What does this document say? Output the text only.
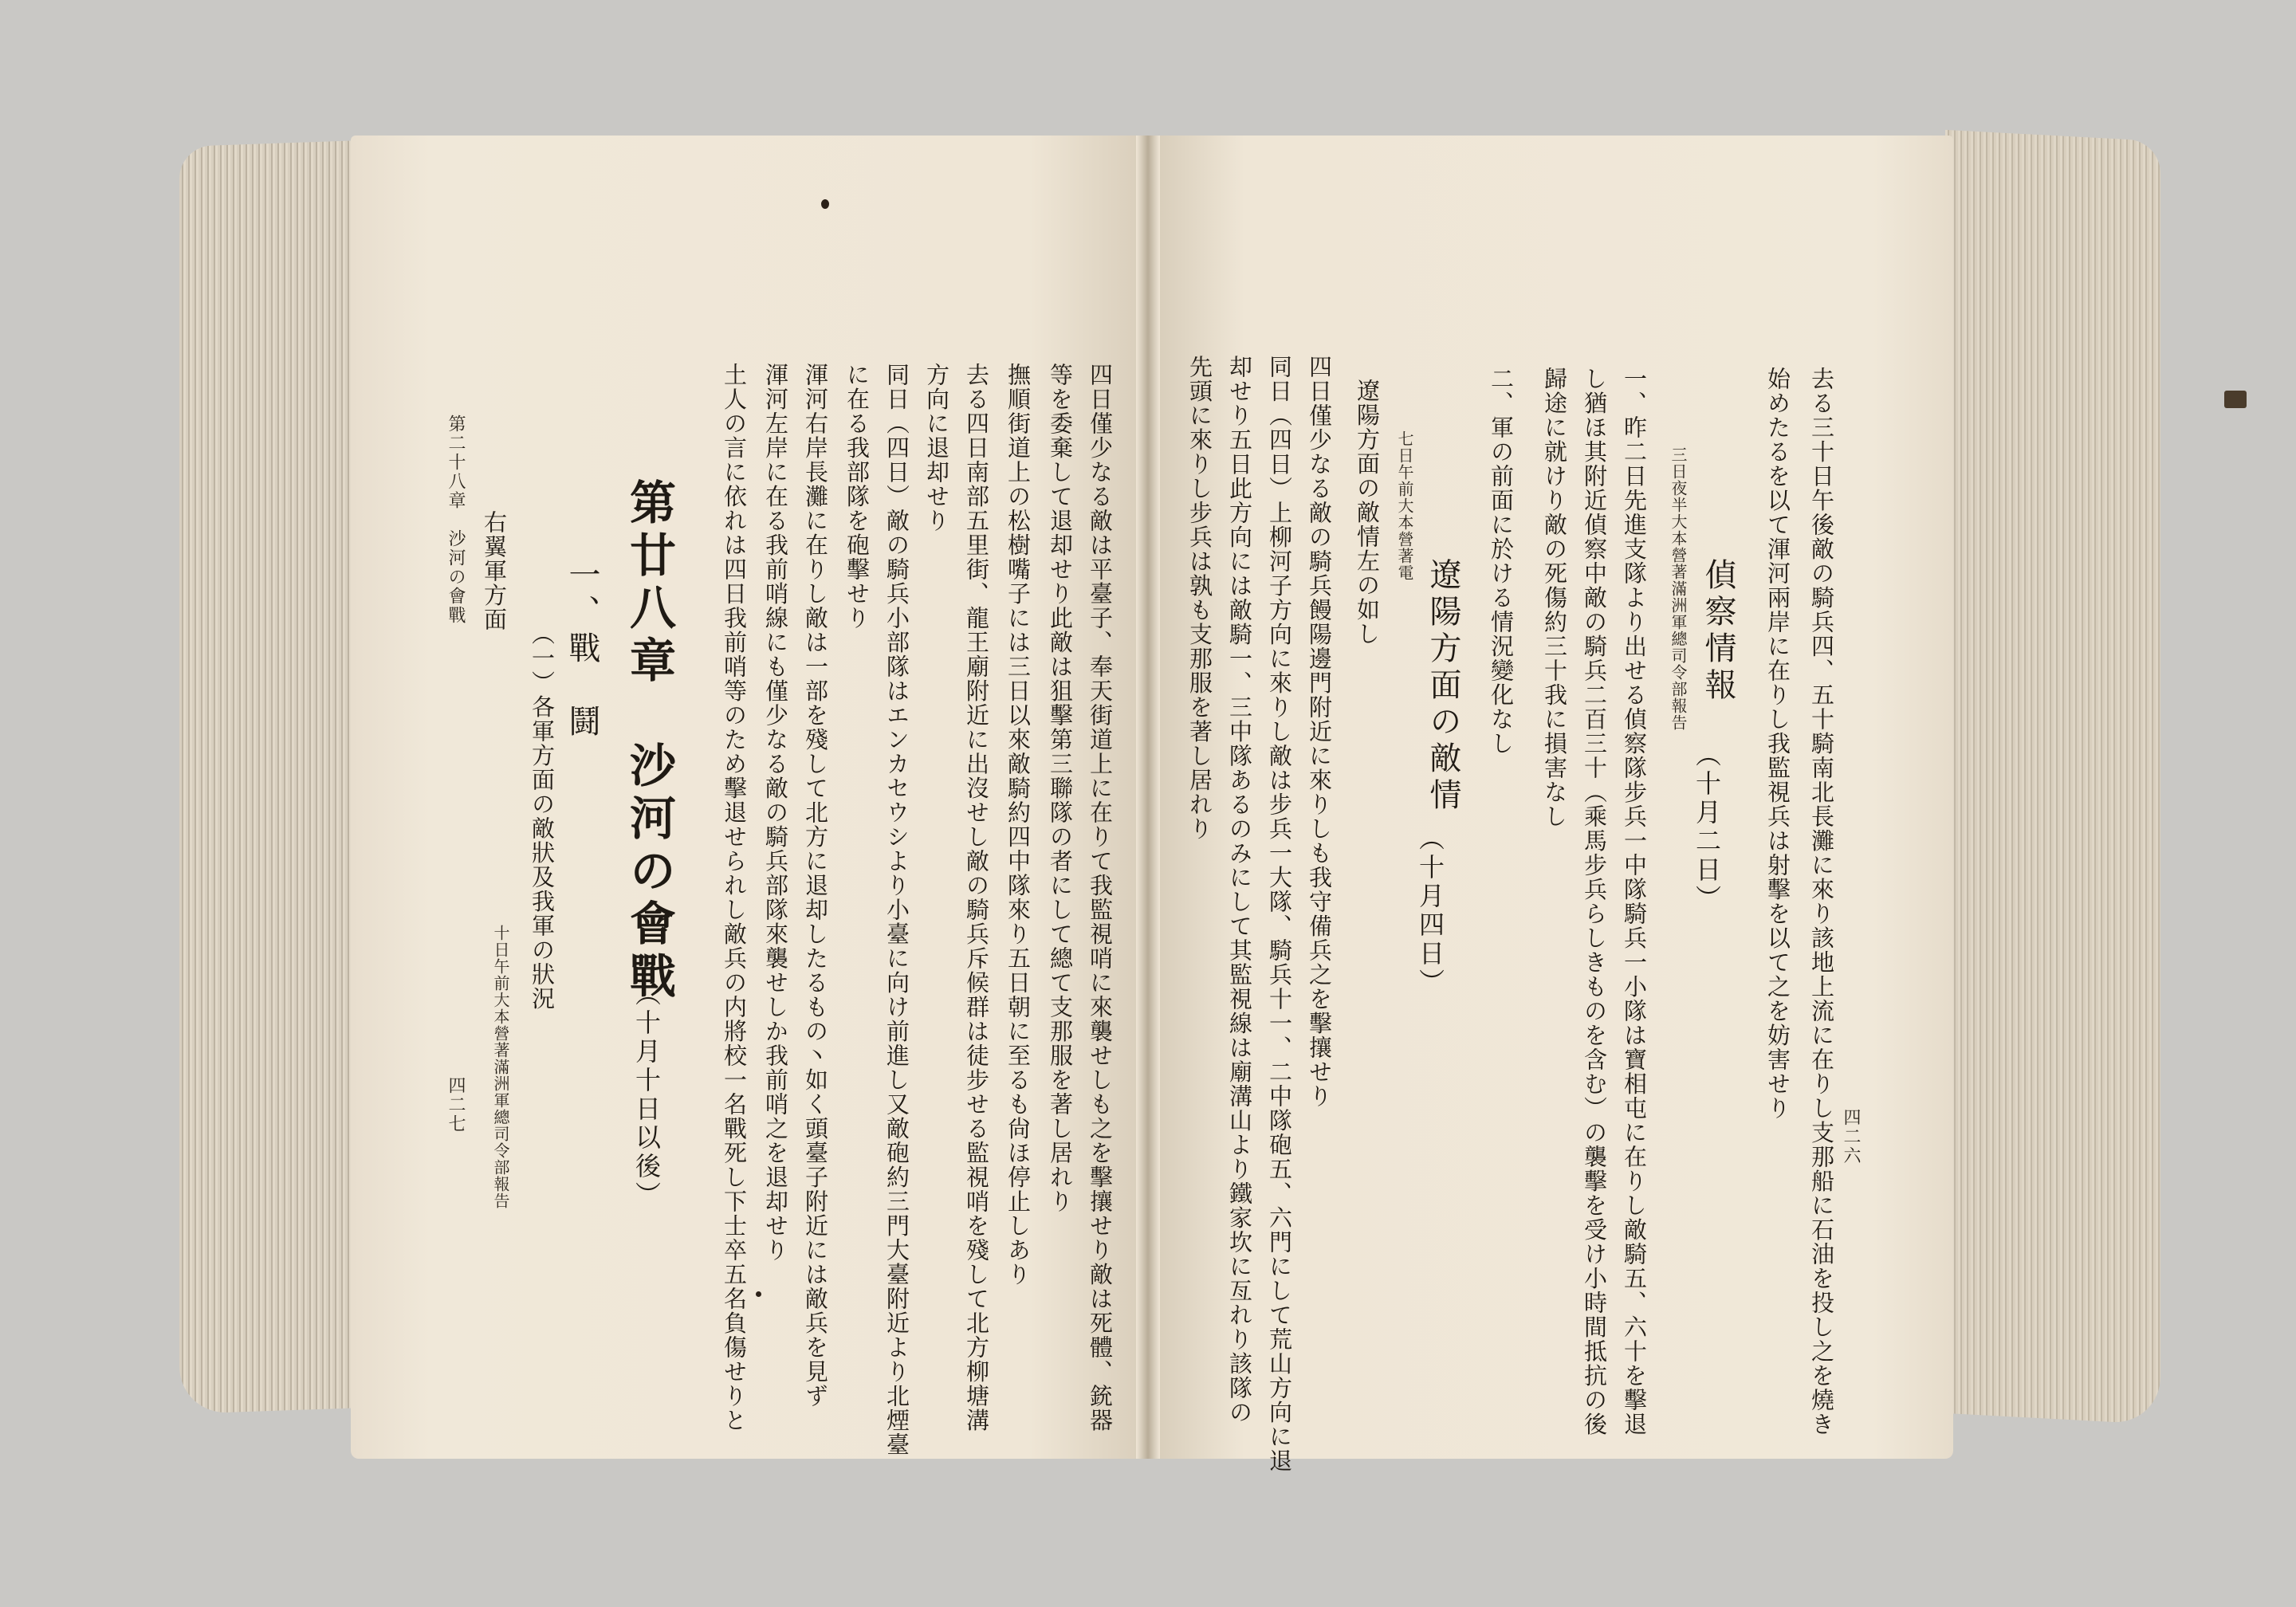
四二六
去る三十日午後敵の騎兵四、五十騎南北長灘に來り該地上流に在りし支那船に石油を投し之を燒き
始めたるを以て渾河兩岸に在りし我監視兵は射擊を以て之を妨害せり
偵察情報
（十月二日）
三日夜半大本營著滿洲軍總司令部報告
一、昨二日先進支隊より出せる偵察隊步兵一中隊騎兵一小隊は寶相屯に在りし敵騎五、六十を擊退
し猶ほ其附近偵察中敵の騎兵二百三十（乘馬步兵らしきものを含む）の襲擊を受け小時間抵抗の後
歸途に就けり敵の死傷約三十我に損害なし
二、軍の前面に於ける情況變化なし
遼陽方面の敵情
（十月四日）
七日午前大本營著電
遼陽方面の敵情左の如し
四日僅少なる敵の騎兵饅陽邊門附近に來りしも我守備兵之を擊攘せり
同日（四日）上柳河子方向に來りし敵は步兵一大隊、騎兵十一、二中隊砲五、六門にして荒山方向に退
却せり五日此方向には敵騎一、三中隊あるのみにして其監視線は廟溝山より鐵家坎に亙れり該隊の
先頭に來りし步兵は孰も支那服を著し居れり
四日僅少なる敵は平臺子、奉天街道上に在りて我監視哨に來襲せしも之を擊攘せり敵は死體、銃器
等を委棄して退却せり此敵は狙擊第三聯隊の者にして總て支那服を著し居れり
撫順街道上の松樹嘴子には三日以來敵騎約四中隊來り五日朝に至るも尙ほ停止しあり
去る四日南部五里街、龍王廟附近に出沒せし敵の騎兵斥候群は徒步せる監視哨を殘して北方柳塘溝
方向に退却せり
同日（四日）敵の騎兵小部隊はエンカセウシより小臺に向け前進し又敵砲約三門大臺附近より北煙臺
に在る我部隊を砲擊せり
渾河右岸長灘に在りし敵は一部を殘して北方に退却したるもの丶如く頭臺子附近には敵兵を見ず
渾河左岸に在る我前哨線にも僅少なる敵の騎兵部隊來襲せしか我前哨之を退却せり
土人の言に依れは四日我前哨等のため擊退せられし敵兵の内將校一名戰死し下士卒五名負傷せりと
第廿八章　沙河の會戰
（十月十日以後）
一、戰　鬪
（一）各軍方面の敵狀及我軍の狀況
十日午前大本營著滿洲軍總司令部報告
右翼軍方面
第二十八章　沙河の會戰
四二七
